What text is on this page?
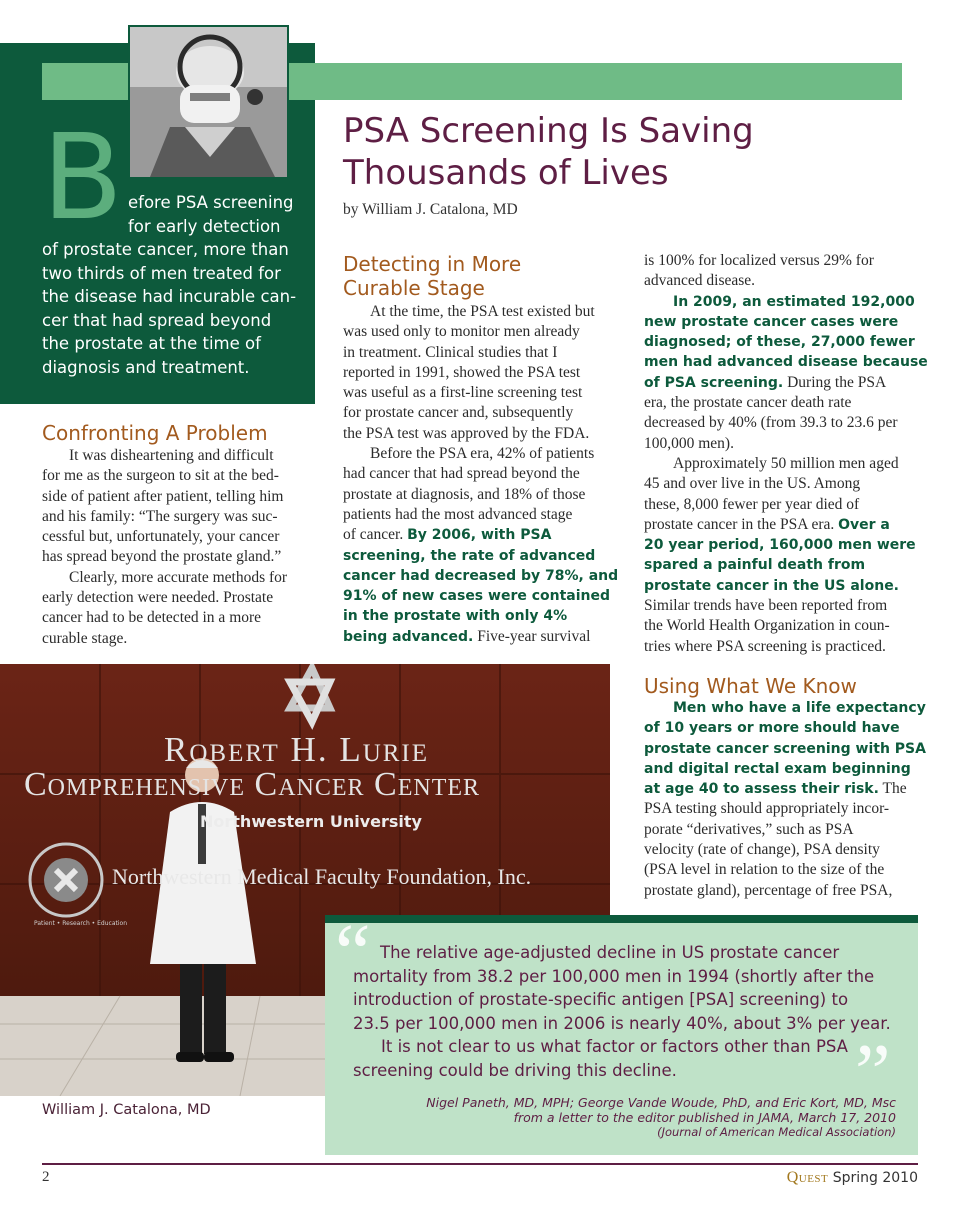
B efore PSA screening
for early detection
of prostate cancer, more than
two thirds of men treated for
the disease had incurable can-
cer that had spread beyond
the prostate at the time of
diagnosis and treatment.
PSA Screening Is Saving
Thousands of Lives
by William J. Catalona, MD
Confronting A Problem
It was disheartening and difficult
for me as the surgeon to sit at the bed-
side of patient after patient, telling him
and his family: “The surgery was suc-
cessful but, unfortunately, your cancer
has spread beyond the prostate gland.”
Clearly, more accurate methods for
early detection were needed. Prostate
cancer had to be detected in a more
curable stage.
Detecting in More
Curable Stage
At the time, the PSA test existed but
was used only to monitor men already
in treatment. Clinical studies that I
reported in 1991, showed the PSA test
was useful as a first-line screening test
for prostate cancer and, subsequently
the PSA test was approved by the FDA.
Before the PSA era, 42% of patients
had cancer that had spread beyond the
prostate at diagnosis, and 18% of those
patients had the most advanced stage
of cancer. By 2006, with PSA
screening, the rate of advanced
cancer had decreased by 78%, and
91% of new cases were contained
in the prostate with only 4%
being advanced. Five-year survival
is 100% for localized versus 29% for
advanced disease.
In 2009, an estimated 192,000
new prostate cancer cases were
diagnosed; of these, 27,000 fewer
men had advanced disease because
of PSA screening. During the PSA
era, the prostate cancer death rate
decreased by 40% (from 39.3 to 23.6 per
100,000 men).
Approximately 50 million men aged
45 and over live in the US. Among
these, 8,000 fewer per year died of
prostate cancer in the PSA era. Over a
20 year period, 160,000 men were
spared a painful death from
prostate cancer in the US alone.
Similar trends have been reported from
the World Health Organization in coun-
tries where PSA screening is practiced.
Using What We Know
Men who have a life expectancy
of 10 years or more should have
prostate cancer screening with PSA
and digital rectal exam beginning
at age 40 to assess their risk. The
PSA testing should appropriately incor-
porate “derivatives,” such as PSA
velocity (rate of change), PSA density
(PSA level in relation to the size of the
prostate gland), percentage of free PSA,
Robert H. Lurie
Comprehensive Cancer Center
Northwestern University
Northwestern Medical Faculty Foundation, Inc.
Patient • Research • Education
William J. Catalona, MD
“ The relative age-adjusted decline in US prostate cancer
mortality from 38.2 per 100,000 men in 1994 (shortly after the
introduction of prostate-specific antigen [PSA] screening) to
23.5 per 100,000 men in 2006 is nearly 40%, about 3% per year.
It is not clear to us what factor or factors other than PSA
screening could be driving this decline. ”
Nigel Paneth, MD, MPH; George Vande Woude, PhD, and Eric Kort, MD, Msc
from a letter to the editor published in JAMA, March 17, 2010
(Journal of American Medical Association)
2	Quest Spring 2010
